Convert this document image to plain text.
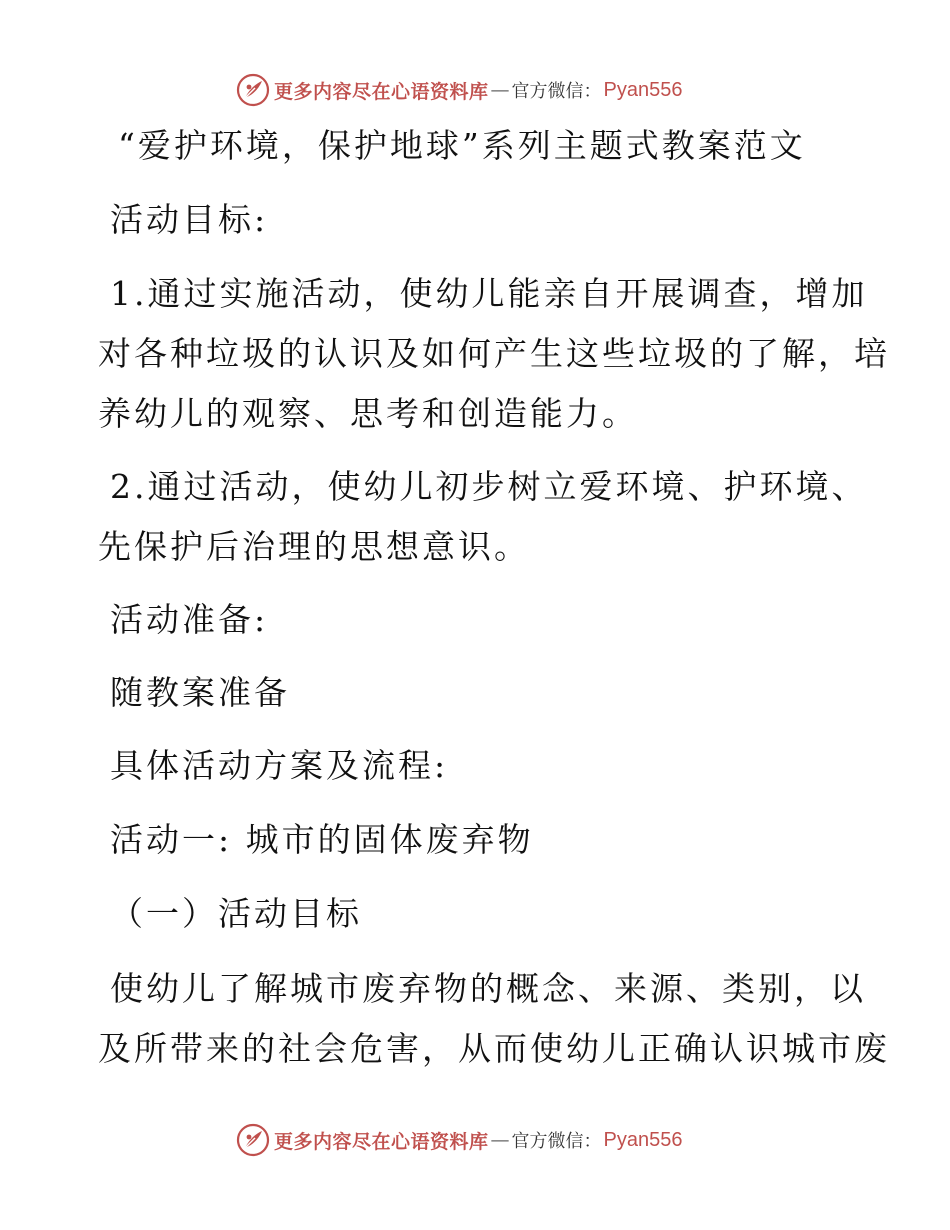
更多内容尽在心语资料库 — 官方微信： Pyan556
“爱护环境，保护地球”系列主题式教案范文

活动目标:

1.通过实施活动，使幼儿能亲自开展调查，增加

对各种垃圾的认识及如何产生这些垃圾的了解，培

养幼儿的观察、思考和创造能力。

2.通过活动，使幼儿初步树立爱环境、护环境、

先保护后治理的思想意识。

活动准备:

随教案准备

具体活动方案及流程:

活动一: 城市的固体废弃物

（一）活动目标

使幼儿了解城市废弃物的概念、来源、类别，以

及所带来的社会危害，从而使幼儿正确认识城市废

更多内容尽在心语资料库 — 官方微信： Pyan556
